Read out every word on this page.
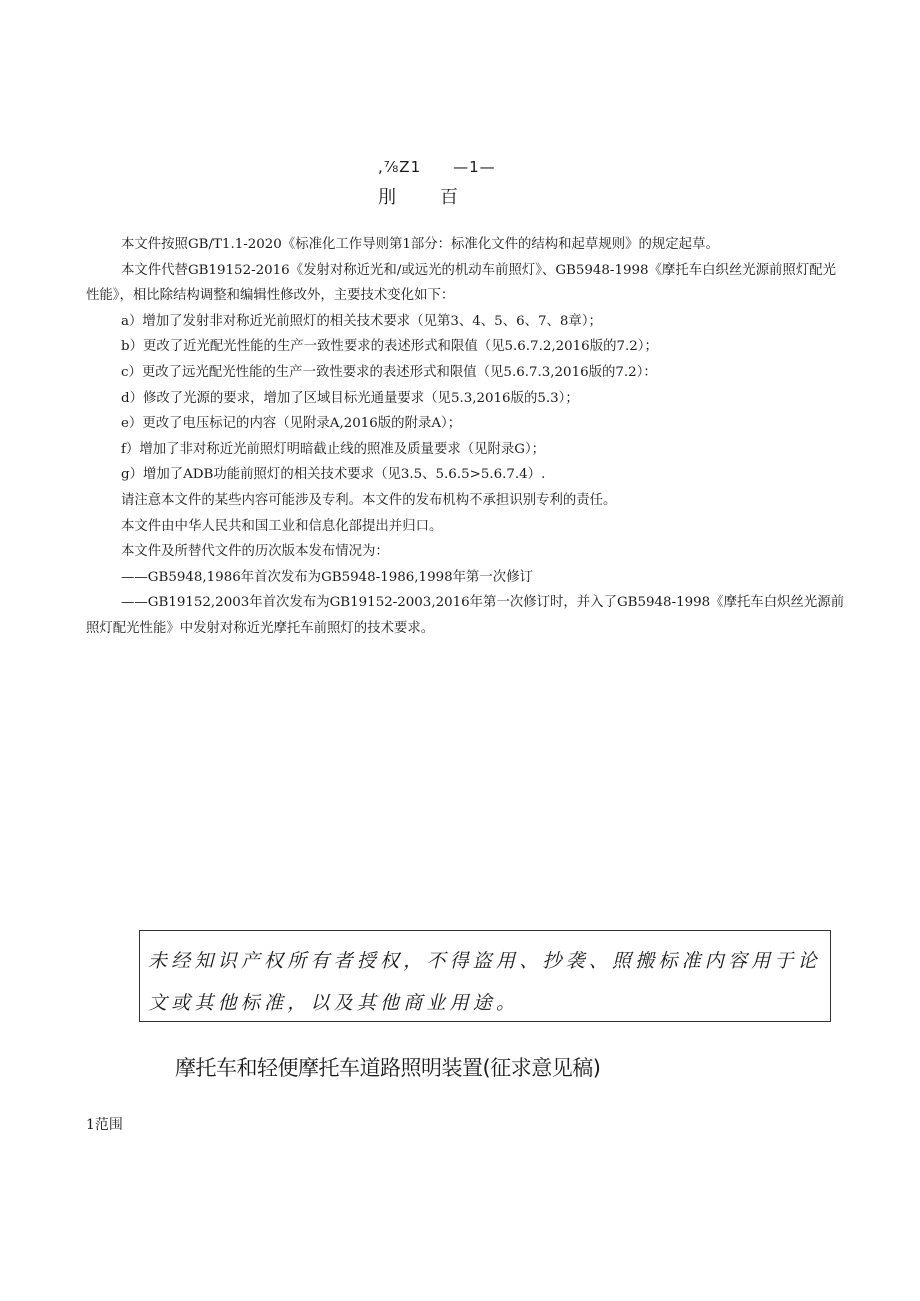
,⅞Z1 —1—
刖 百

本文件按照GB/T1.1-2020《标准化工作导则第1部分：标准化文件的结构和起草规则》的规定起草。

本文件代替GB19152-2016《发射对称近光和/或远光的机动车前照灯》、GB5948-1998《摩托车白织丝光源前照灯配光性能》，相比除结构调整和编辑性修改外，主要技术变化如下：

a）增加了发射非对称近光前照灯的相关技术要求（见第3、4、5、6、7、8章）；

b）更改了近光配光性能的生产一致性要求的表述形式和限值（见5.6.7.2,2016版的7.2）；

c）更改了远光配光性能的生产一致性要求的表述形式和限值（见5.6.7.3,2016版的7.2）：

d）修改了光源的要求，增加了区域目标光通量要求（见5.3,2016版的5.3）；

e）更改了电压标记的内容（见附录A,2016版的附录A）；

f）增加了非对称近光前照灯明暗截止线的照准及质量要求（见附录G）；

g）增加了ADB功能前照灯的相关技术要求（见3.5、5.6.5>5.6.7.4）.

请注意本文件的某些内容可能涉及专利。本文件的发布机构不承担识别专利的责任。

本文件由中华人民共和国工业和信息化部提出并归口。

本文件及所替代文件的历次版本发布情况为：

——GB5948,1986年首次发布为GB5948-1986,1998年第一次修订

——GB19152,2003年首次发布为GB19152-2003,2016年第一次修订时，并入了GB5948-1998《摩托车白炽丝光源前照灯配光性能》中发射对称近光摩托车前照灯的技术要求。

未经知识产权所有者授权，不得盗用、抄袭、照搬标准内容用于论文或其他标准，以及其他商业用途。
摩托车和轻便摩托车道路照明装置(征求意见稿)
1范围
